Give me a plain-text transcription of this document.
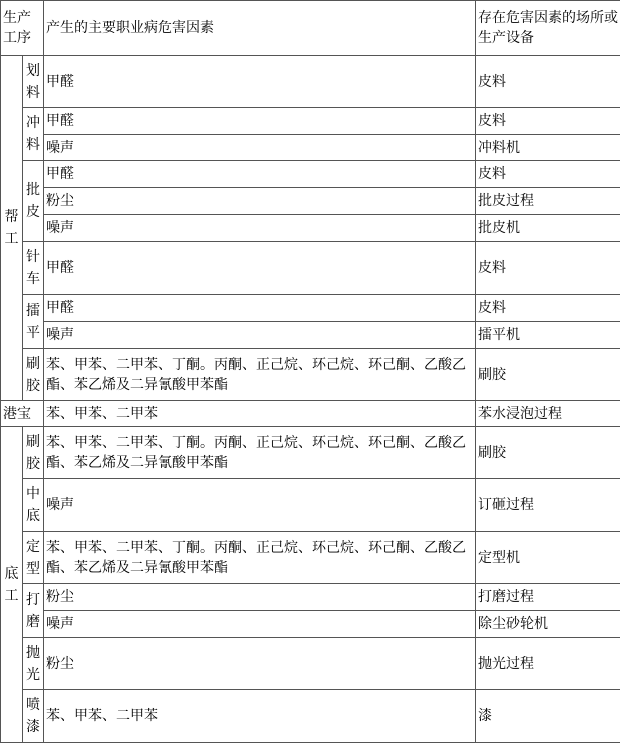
生产工序		产生的主要职业病危害因素	存在危害因素的场所或生产设备
帮工	划料	甲醛	皮料
	冲料	甲醛	皮料
		噪声	冲料机
	批皮	甲醛	皮料
		粉尘	批皮过程
		噪声	批皮机
	针车	甲醛	皮料
	擂平	甲醛	皮料
		噪声	擂平机
	刷胶	苯、甲苯、二甲苯、丁酮。丙酮、正己烷、环己烷、环己酮、乙酸乙酯、苯乙烯及二异氰酸甲苯酯	刷胶
港宝		苯、甲苯、二甲苯	苯水浸泡过程
底工	刷胶	苯、甲苯、二甲苯、丁酮。丙酮、正己烷、环己烷、环己酮、乙酸乙酯、苯乙烯及二异氰酸甲苯酯	刷胶
	中底	噪声	订砸过程
	定型	苯、甲苯、二甲苯、丁酮。丙酮、正己烷、环己烷、环己酮、乙酸乙酯、苯乙烯及二异氰酸甲苯酯	定型机
	打磨	粉尘	打磨过程
		噪声	除尘砂轮机
	抛光	粉尘	抛光过程
	喷漆	苯、甲苯、二甲苯	漆
